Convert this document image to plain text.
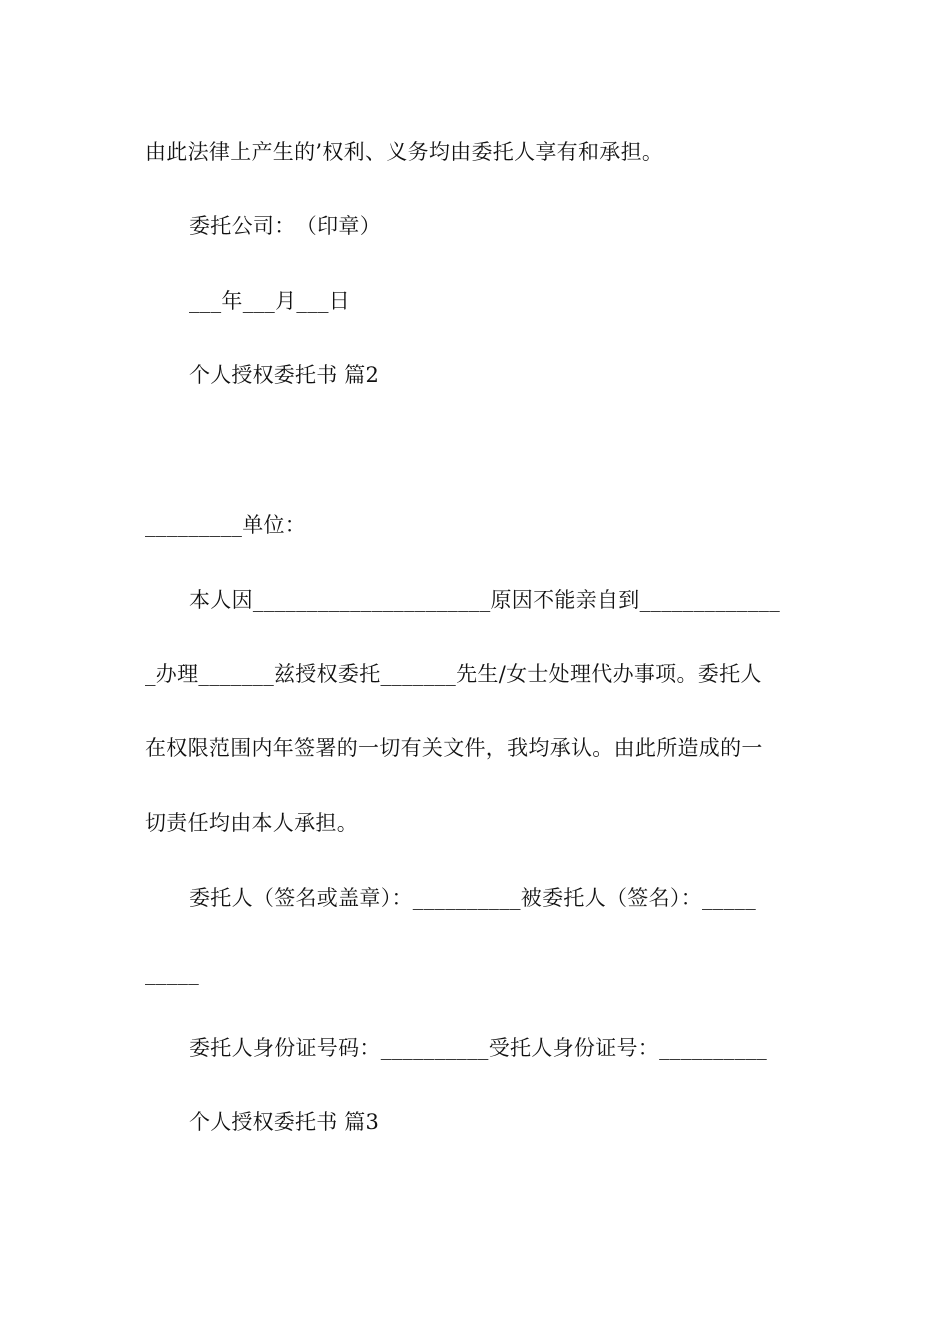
由此法律上产生的’权利、义务均由委托人享有和承担。
委托公司：　（印章）
___年___月___日
个人授权委托书 篇2
_________单位：
本人因______________________原因不能亲自到_____________
_办理_______兹授权委托_______先生/女士处理代办事项。委托人
在权限范围内年签署的一切有关文件，我均承认。由此所造成的一
切责任均由本人承担。
委托人（签名或盖章）：__________被委托人（签名）：_____
_____
委托人身份证号码：__________受托人身份证号：__________
个人授权委托书 篇3
